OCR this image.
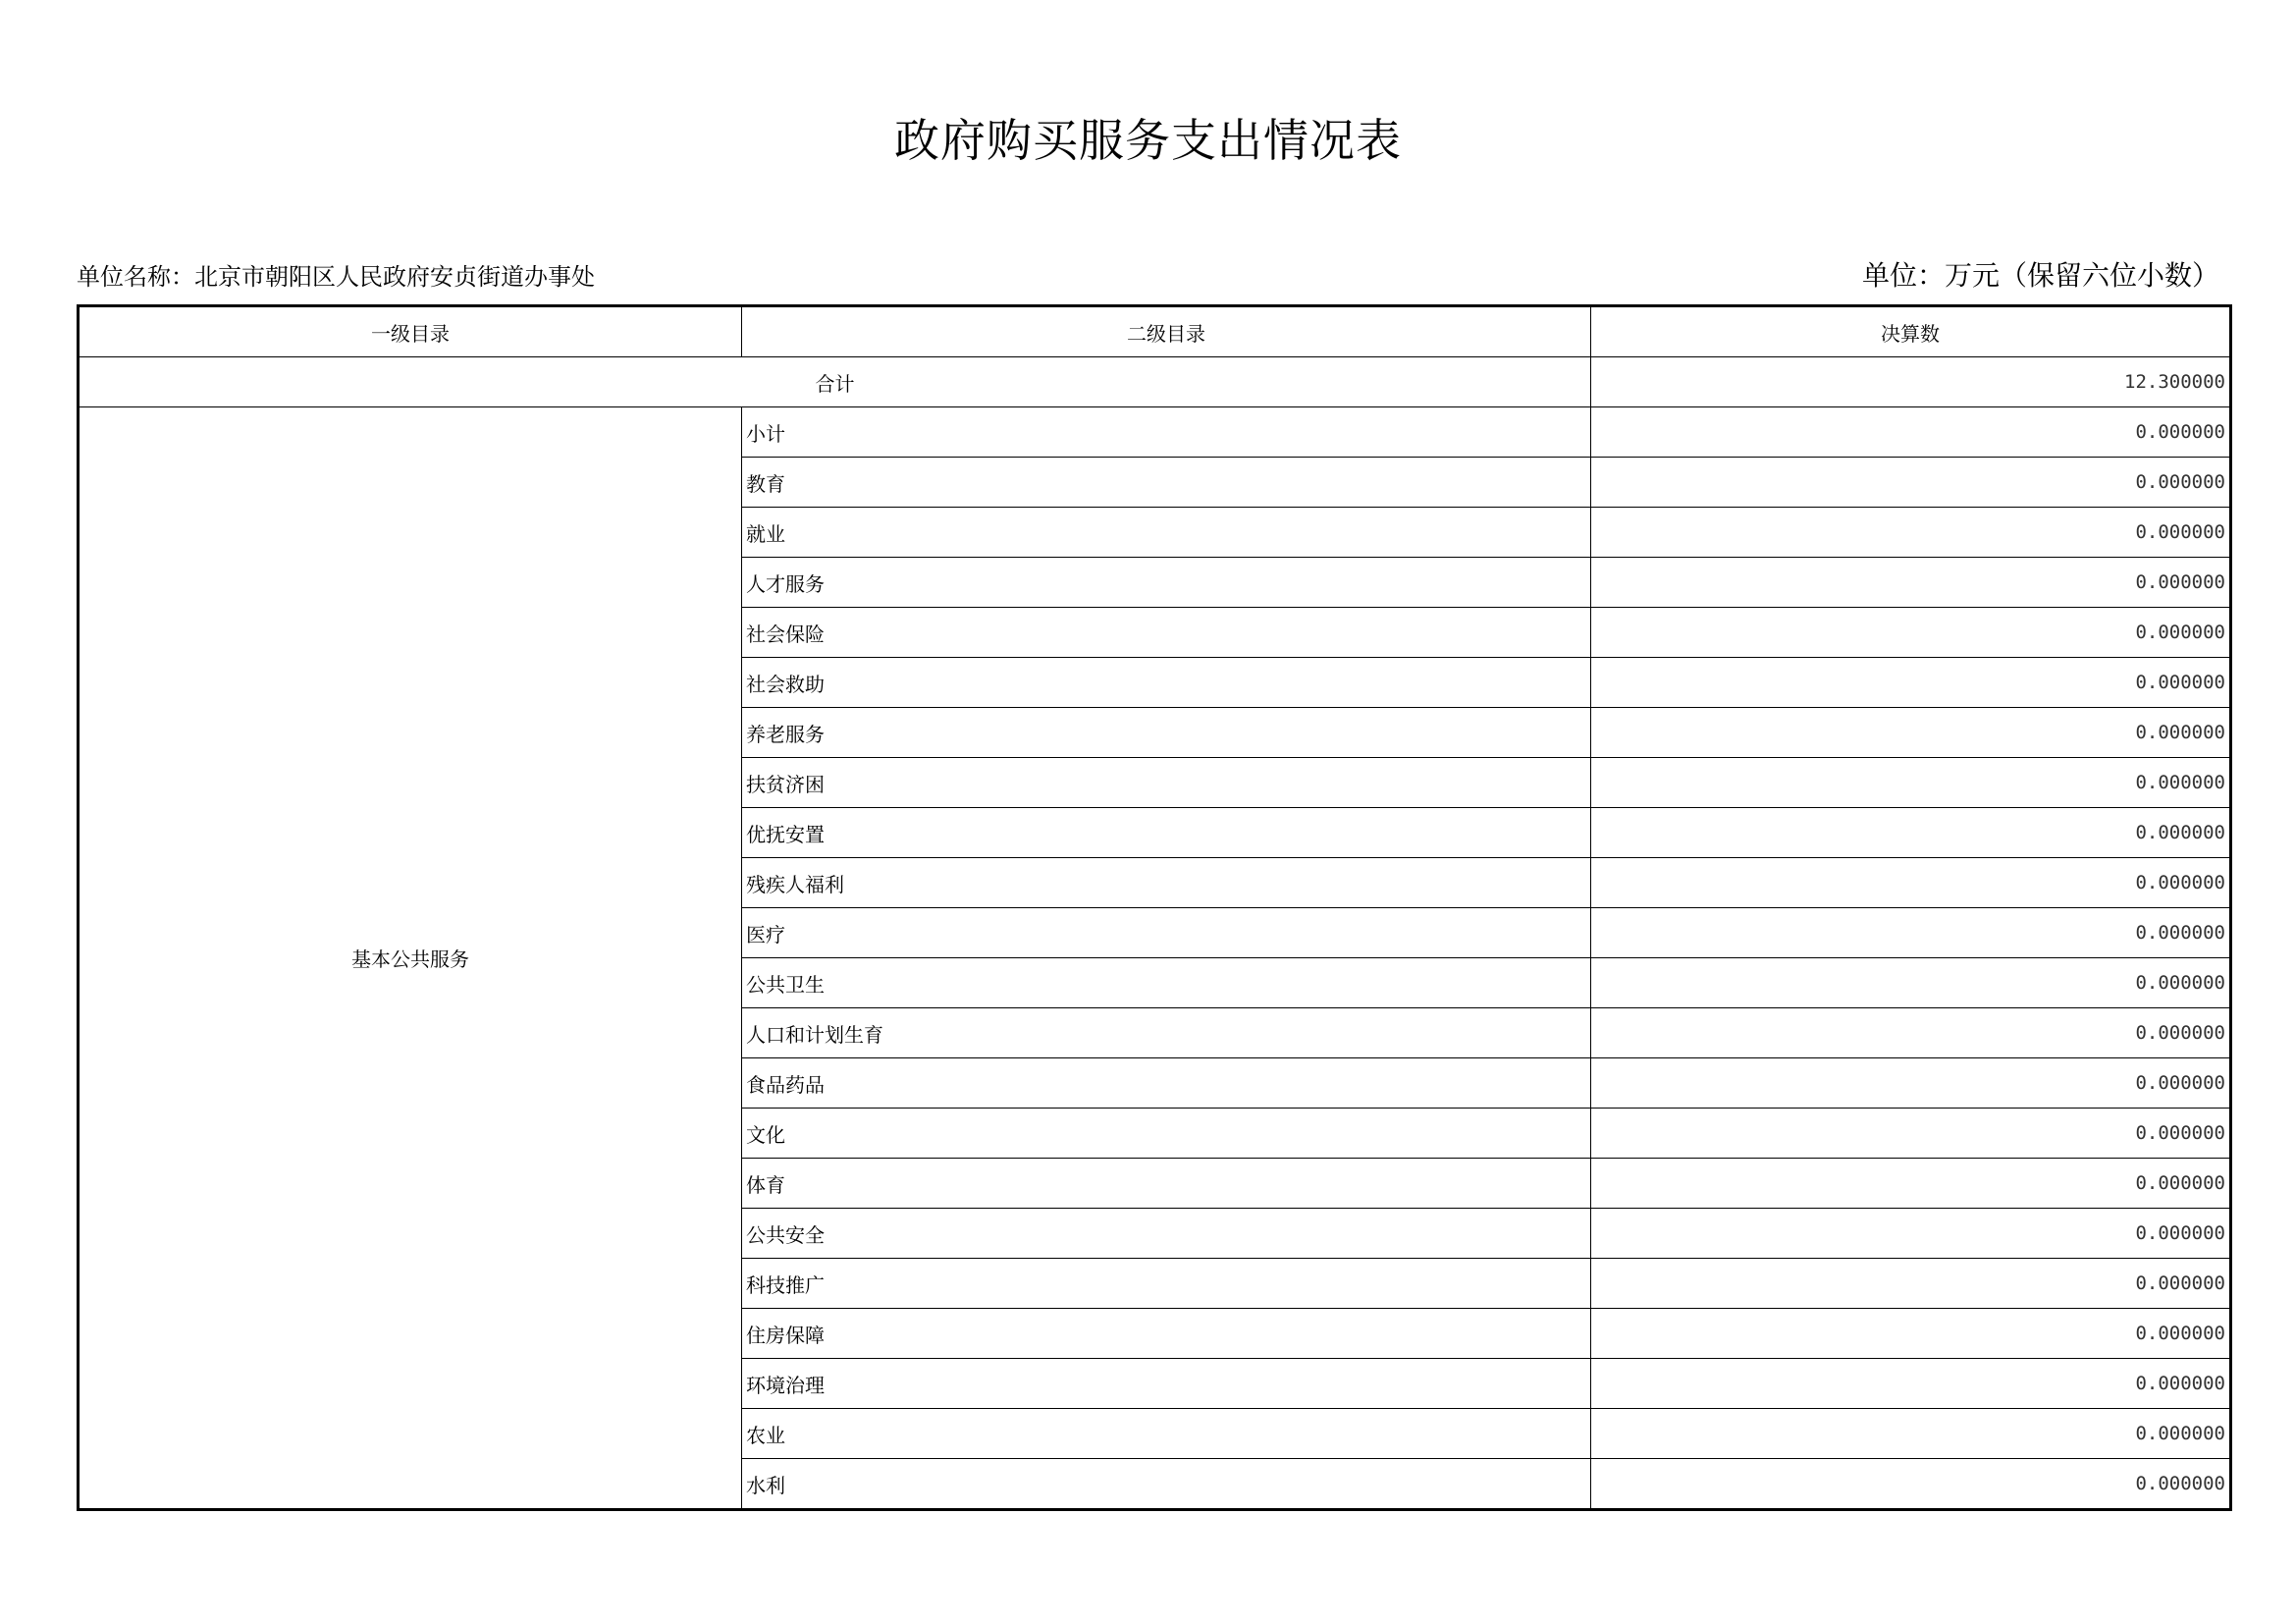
政府购买服务支出情况表
单位名称：北京市朝阳区人民政府安贞街道办事处	单位：万元（保留六位小数）
一级目录	二级目录	决算数
合计		12.300000
基本公共服务	小计	0.000000
	教育	0.000000
	就业	0.000000
	人才服务	0.000000
	社会保险	0.000000
	社会救助	0.000000
	养老服务	0.000000
	扶贫济困	0.000000
	优抚安置	0.000000
	残疾人福利	0.000000
	医疗	0.000000
	公共卫生	0.000000
	人口和计划生育	0.000000
	食品药品	0.000000
	文化	0.000000
	体育	0.000000
	公共安全	0.000000
	科技推广	0.000000
	住房保障	0.000000
	环境治理	0.000000
	农业	0.000000
	水利	0.000000
